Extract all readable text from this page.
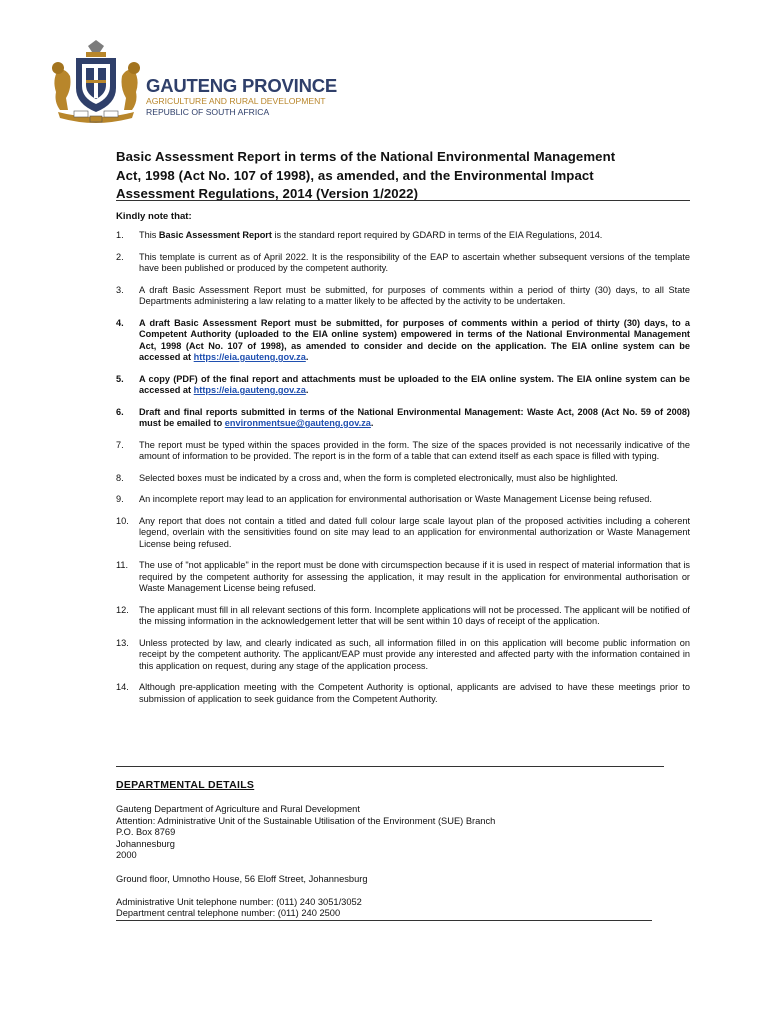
GAUTENG PROVINCE
AGRICULTURE AND RURAL DEVELOPMENT
REPUBLIC OF SOUTH AFRICA
Basic Assessment Report in terms of the National Environmental Management
Act, 1998 (Act No. 107 of 1998), as amended, and the Environmental Impact
Assessment Regulations, 2014 (Version 1/2022)
Kindly note that:
1.	This Basic Assessment Report is the standard report required by GDARD in terms of the EIA Regulations, 2014.
2.	This template is current as of April 2022. It is the responsibility of the EAP to ascertain whether subsequent versions of the template have been published or produced by the competent authority.
3.	A draft Basic Assessment Report must be submitted, for purposes of comments within a period of thirty (30) days, to all State Departments administering a law relating to a matter likely to be affected by the activity to be undertaken.
4.	A draft Basic Assessment Report must be submitted, for purposes of comments within a period of thirty (30) days, to a Competent Authority (uploaded to the EIA online system) empowered in terms of the National Environmental Management Act, 1998 (Act No. 107 of 1998), as amended to consider and decide on the application. The EIA online system can be accessed at https://eia.gauteng.gov.za.
5.	A copy (PDF) of the final report and attachments must be uploaded to the EIA online system. The EIA online system can be accessed at https://eia.gauteng.gov.za.
6.	Draft and final reports submitted in terms of the National Environmental Management: Waste Act, 2008 (Act No. 59 of 2008) must be emailed to environmentsue@gauteng.gov.za.
7.	The report must be typed within the spaces provided in the form. The size of the spaces provided is not necessarily indicative of the amount of information to be provided. The report is in the form of a table that can extend itself as each space is filled with typing.
8.	Selected boxes must be indicated by a cross and, when the form is completed electronically, must also be highlighted.
9.	An incomplete report may lead to an application for environmental authorisation or Waste Management License being refused.
10.	Any report that does not contain a titled and dated full colour large scale layout plan of the proposed activities including a coherent legend, overlain with the sensitivities found on site may lead to an application for environmental authorization or Waste Management License being refused.
11.	The use of "not applicable" in the report must be done with circumspection because if it is used in respect of material information that is required by the competent authority for assessing the application, it may result in the application for environmental authorisation or Waste Management License being refused.
12.	The applicant must fill in all relevant sections of this form. Incomplete applications will not be processed. The applicant will be notified of the missing information in the acknowledgement letter that will be sent within 10 days of receipt of the application.
13.	Unless protected by law, and clearly indicated as such, all information filled in on this application will become public information on receipt by the competent authority. The applicant/EAP must provide any interested and affected party with the information contained in this application on request, during any stage of the application process.
14.	Although pre-application meeting with the Competent Authority is optional, applicants are advised to have these meetings prior to submission of application to seek guidance from the Competent Authority.
DEPARTMENTAL DETAILS
Gauteng Department of Agriculture and Rural Development
Attention: Administrative Unit of the Sustainable Utilisation of the Environment (SUE) Branch
P.O. Box 8769
Johannesburg
2000
Ground floor, Umnotho House, 56 Eloff Street, Johannesburg
Administrative Unit telephone number: (011) 240 3051/3052
Department central telephone number: (011) 240 2500
